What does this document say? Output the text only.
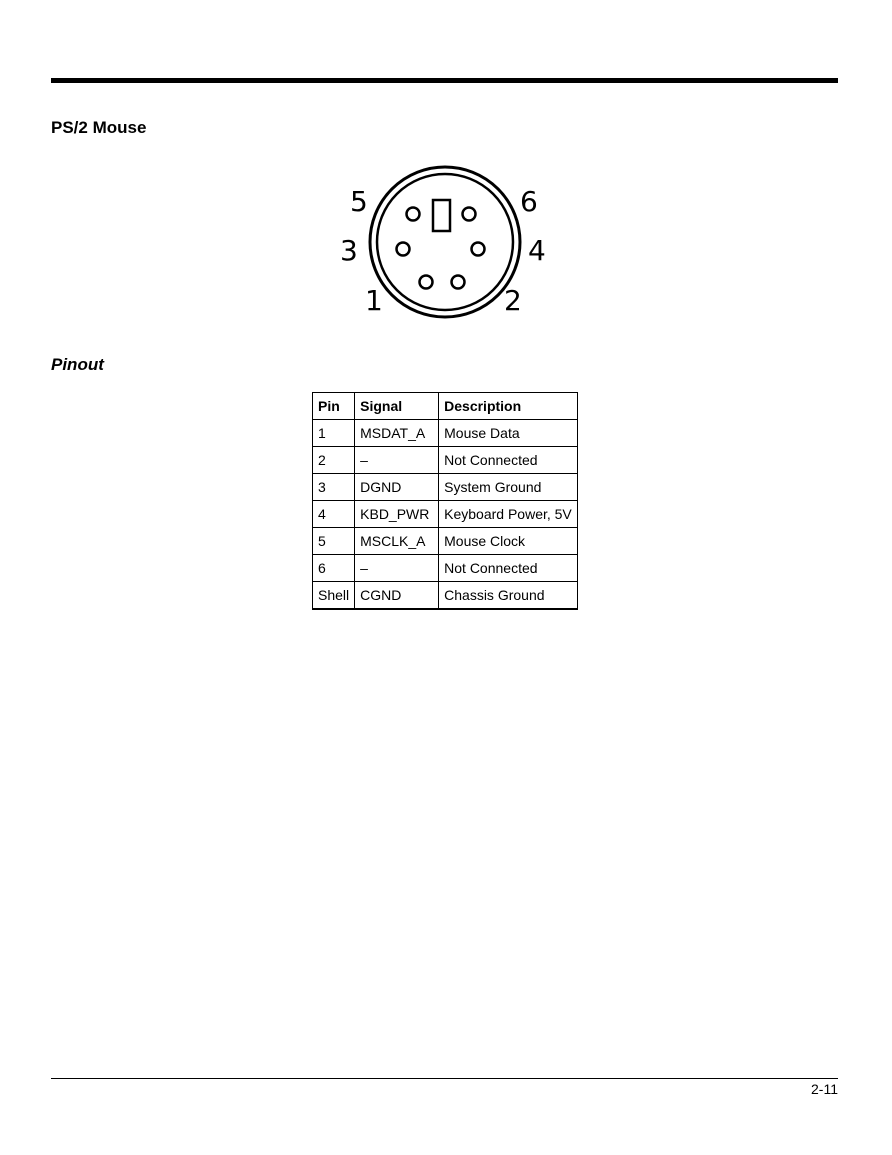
PS/2 Mouse
5	6
3	4
1	2
Pinout
Pin	Signal	Description
1	MSDAT_A	Mouse Data
2	–	Not Connected
3	DGND	System Ground
4	KBD_PWR	Keyboard Power, 5V
5	MSCLK_A	Mouse Clock
6	–	Not Connected
Shell	CGND	Chassis Ground
2-11
